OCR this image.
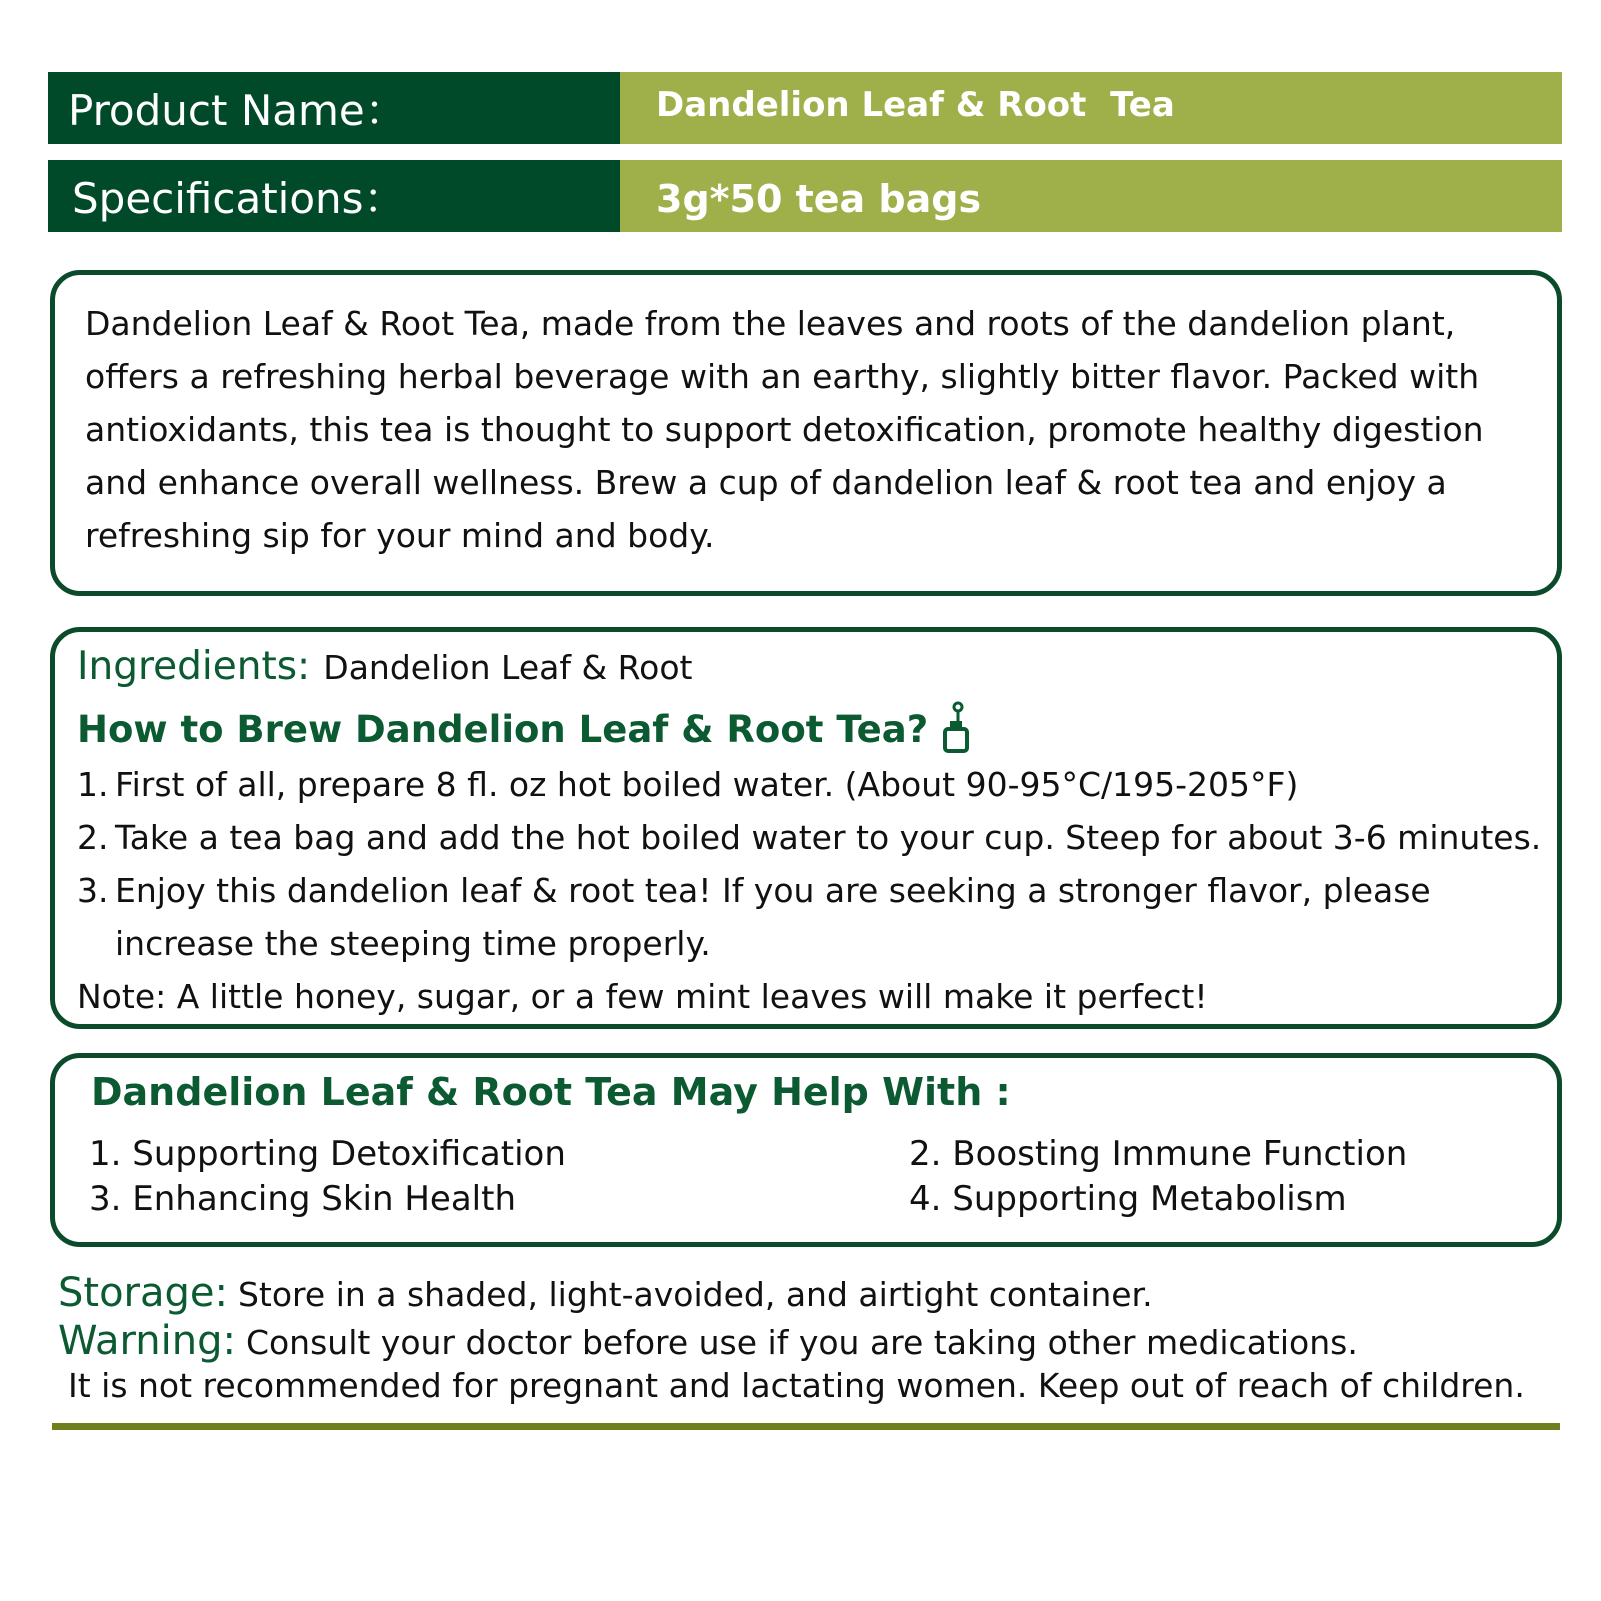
Product Name：	Dandelion Leaf & Root  Tea
Specifications：	3g*50 tea bags

Dandelion Leaf & Root Tea, made from the leaves and roots of the dandelion plant, offers a refreshing herbal beverage with an earthy, slightly bitter flavor. Packed with antioxidants, this tea is thought to support detoxification, promote healthy digestion and enhance overall wellness. Brew a cup of dandelion leaf & root tea and enjoy a refreshing sip for your mind and body.

Ingredients: Dandelion Leaf & Root
How to Brew Dandelion Leaf & Root Tea?
1. First of all, prepare 8 fl. oz hot boiled water. (About 90-95°C/195-205°F)
2. Take a tea bag and add the hot boiled water to your cup. Steep for about 3-6 minutes.
3. Enjoy this dandelion leaf & root tea! If you are seeking a stronger flavor, please increase the steeping time properly.
Note: A little honey, sugar, or a few mint leaves will make it perfect!
Dandelion Leaf & Root Tea May Help With :
1. Supporting Detoxification	2. Boosting Immune Function
3. Enhancing Skin Health	4. Supporting Metabolism
Storage: Store in a shaded, light-avoided, and airtight container.
Warning: Consult your doctor before use if you are taking other medications.
It is not recommended for pregnant and lactating women. Keep out of reach of children.
